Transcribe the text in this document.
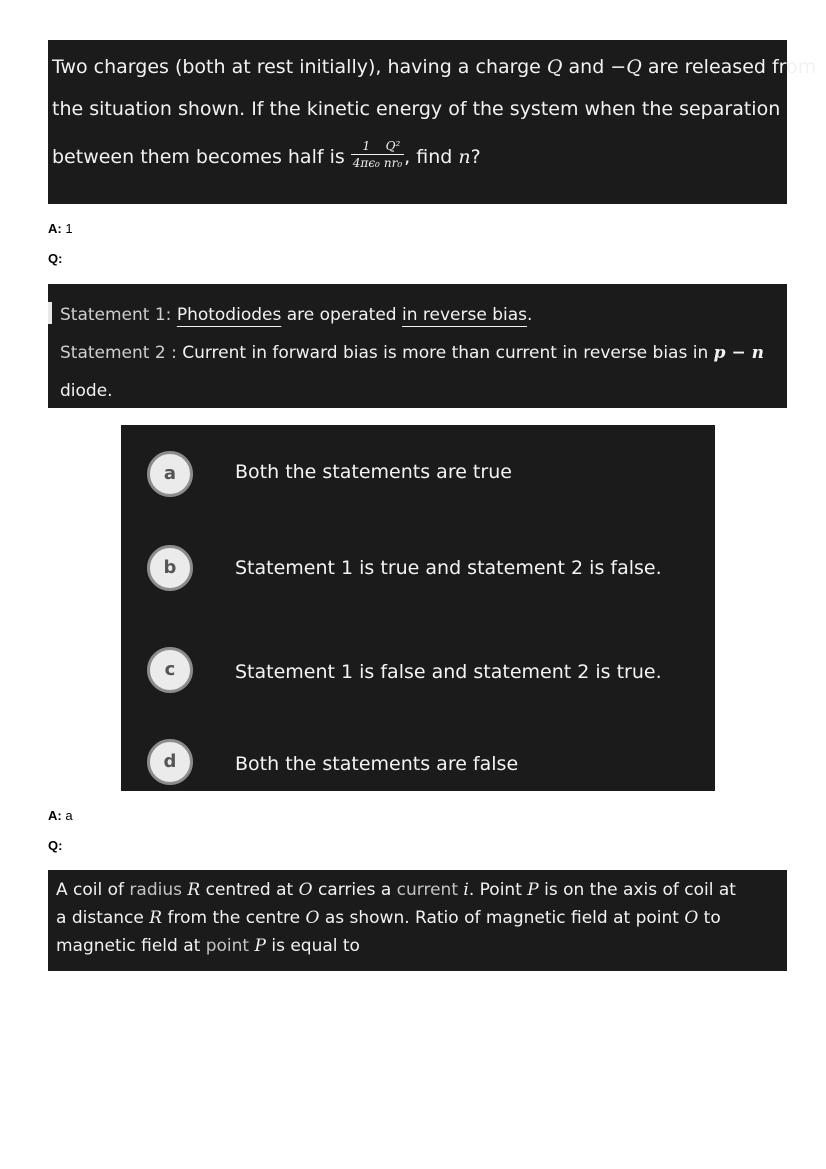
Two charges (both at rest initially), having a charge Q and −Q are released from
the situation shown. If the kinetic energy of the system when the separation
between them becomes half is $\frac{1}{\text{4πϵ₀}} \frac{\text{Q²}}{\text{nr₀}}$ , find n?
A: 1
Q:
Statement 1: Photodiodes are operated in reverse bias.
Statement 2 : Current in forward bias is more than current in reverse bias in p − n
diode.
a	Both the statements are true
b	Statement 1 is true and statement 2 is false.
c	Statement 1 is false and statement 2 is true.
d	Both the statements are false
A: a
Q:
A coil of radius R centred at O carries a current i. Point P is on the axis of coil at
a distance R from the centre O as shown. Ratio of magnetic field at point O to
magnetic field at point P is equal to
